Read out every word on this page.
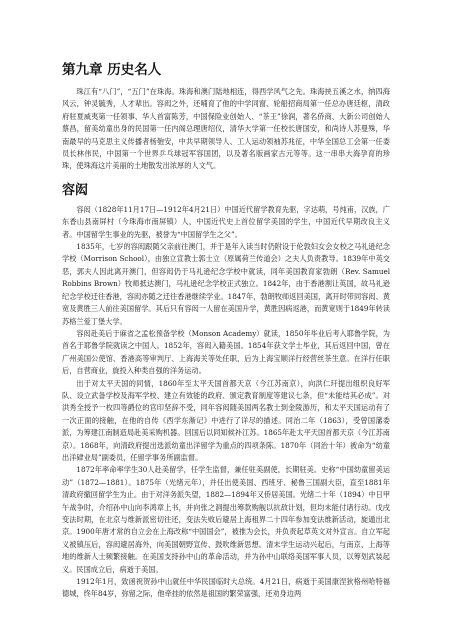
第九章 历史名人

珠江有“八门”，“五门”在珠海。珠海和澳门陆地相连，得西学风气之先。珠海挟五溪之水，纳四海风云，钟灵毓秀，人才辈出。容闳之外，还哺育了他的中学同窗、轮船招商局第一任总办唐廷枢，清政府驻夏威夷第一任领事、华人首富陈芳，中国保险业创始人、“茶王”徐润，著名侨商、大新公司创始人蔡昌，留美幼童出身的民国第一任内阁总理唐绍仪，清华大学第一任校长唐国安，和尚诗人苏曼殊，华南最早的马克思主义传播者杨匏安，中共早期领导人、工人运动领袖苏兆征，中华全国总工会第一任委员长林伟民，中国第一个世界乒乓球冠军容国团，以及著名版画家古元等等。这一串串大海孕育的珍珠，使珠海这片美丽的土地散发出浓厚的人文气。

容闳

容闳（1828年11月17日—1912年4月21日）中国近代留学教育先驱，字达萌，号纯甫，汉族，广东香山县南屏村（今珠海市南屏镇）人，中国近代史上首位留学美国的学生，中国近代早期改良主义者。中国留学生事业的先驱，被誉为“中国留学生之父”。

1835年，七岁的容闳跟随父亲前往澳门，并于是年入读当时仍附设于伦敦妇女会女校之马礼逊纪念学校（Morrison School），由独立宣教士郭士立（原属荷兰传道会）之夫人负责教导。1839年中英交恶，郭夫人因此离开澳门，但容闳仍于马礼逊纪念学校中就读，同年美国教育家勃朗（Rev. Samuel Robbins Brown）牧师抵达澳门，马礼逊纪念学校正式独立。1842年，由于香港割让英国，故马礼逊纪念学校迁往香港，容闳亦随之迁往香港继续学业。1847年，勃朗牧师返回美国，离开时带同容闳、黄宽及黄胜三人前往美国留学。其后只有容闳一人留在美国升学，黄胜因病返港，而黄宽则于1849年转读苏格兰爱丁堡大学。

容闳赴美后于麻省之孟松预备学校（Monson Academy）就读，1850年毕业后考入耶鲁学院，为首名于耶鲁学院就读之中国人。1852年，容闳入籍美国。1854年获文学士毕业，其后返回中国，曾在广州美国公使馆、香港高等审判厅、上海海关等处任职，后为上海宝顺洋行经营丝茶生意。在洋行任职后，自营商业，旋投入种类自强的洋务运动。

出于对太平天国的同情，1860年至太平天国首都天京（今江苏南京），向洪仁玕提出组织良好军队、设立武备学校及海军学校、建立有效能的政府、颁定教育制度等建议七条，但“未能结其必成”。对洪秀全授予一枚四等爵位的官印坚辞不受，同年容闳随美国两名教士到金陵游历，和太平天国运动有了一次正面的接触，在他的自传《西学东渐记》中进行了详尽的描述。同治二年（1863），受曾国藩委派，为筹建江南制造局赴美采购机器。回国后以同知候补江苏。1865年赴太平天国首都天京（今江苏南京）。1868年，向清政府提出选派幼童出洋留学为重点的四项条陈。1870年（同治十年）被命为“幼童出洋肄业局”副委员，任留学事务所副监督。

1872年率命率学生30人赴美留学，任学生监督，兼任驻美副使，长期驻美。史称“中国幼童留美运动”（1872—1881）。1875年（光绪元年），并任出使美国、西班牙、秘鲁三国副大臣，直至1881年清政府撤回留学生为止。由于对洋务派失望，1882—1894年又侨居美国。光绪二十年（1894）中日甲午战争时，介绍孙中山向李鸿章上书，并向张之洞提出筹款购舰以抗敌计划，但均未能付诸行动。戊戌变法时期，在北京与维新派密切往还，变法失败后避居上海租界二十四年参加变法维新活动，旋遁出北京。1900年唐才常的自立会在上海改称“中国国会”，被推为会长，并负责起草英文对外宣言。自立军起义被镇压后，容闳避居海外，向美国朝野宣传、鼓吹维新思想。清末学生运动兴起后，与南京、上海等地的维新人士频繁接触。在美国支持孙中山的革命活动，并为孙中山联络美国军事人员，以筹划武装起义。民国成立后，病逝于美国。

1912年1月，致函祝贺孙中山就任中华民国临时大总统。4月21日，病逝于美国康涅狄格州哈特福德城，终年84岁，弥留之际，他牵挂的依然是祖国的繁荣富强，还劝身边两
